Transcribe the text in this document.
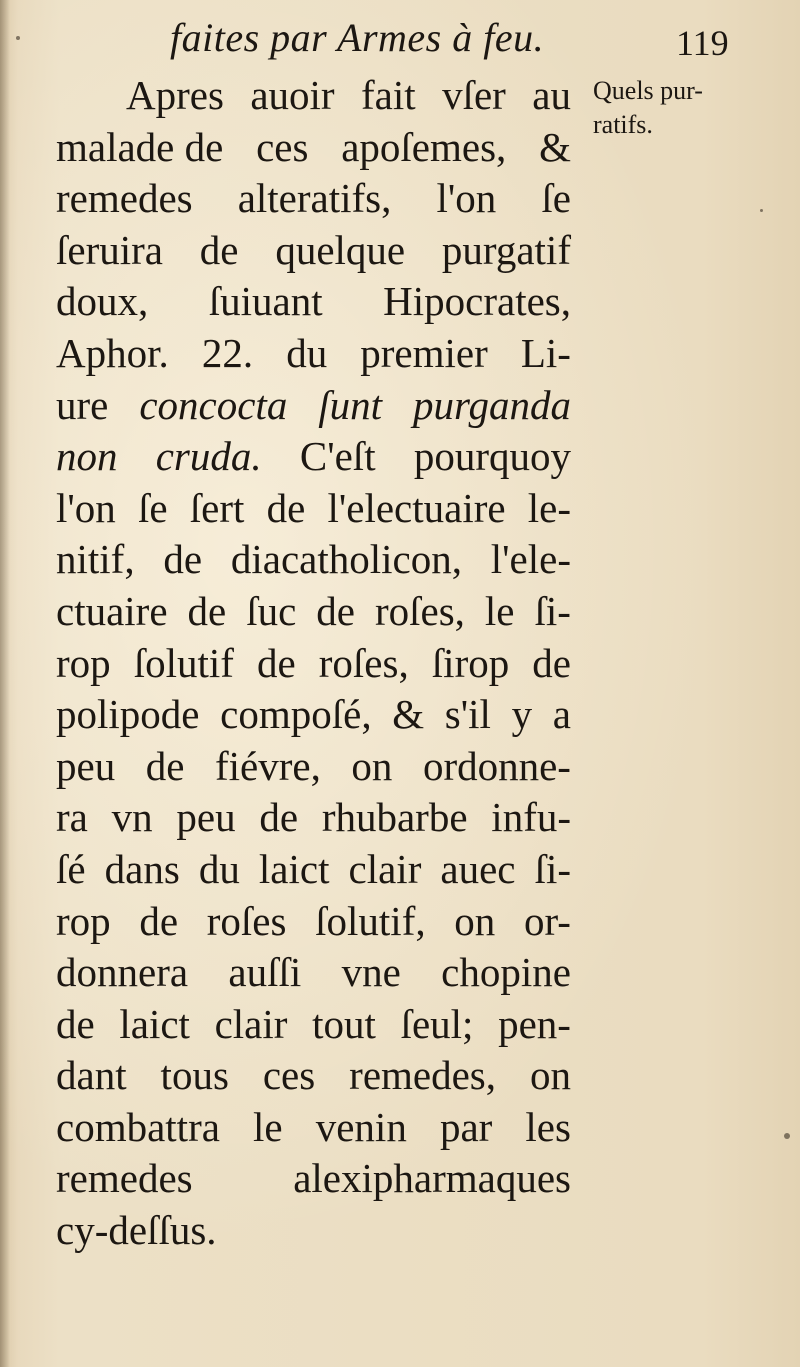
faites par Armes à feu.	119
Quels pur-
ratifs.
Apres auoir fait vſer au
malade de ces apoſemes, &
remedes alteratifs, l'on ſe
ſeruira de quelque purgatif
doux, ſuiuant Hipocrates,
Aphor. 22. du premier Li-
ure concocta ſunt purganda
non cruda. C'eſt pourquoy
l'on ſe ſert de l'electuaire le-
nitif, de diacatholicon, l'ele-
ctuaire de ſuc de roſes, le ſi-
rop ſolutif de roſes, ſirop de
polipode compoſé, & s'il y a
peu de fiévre, on ordonne-
ra vn peu de rhubarbe infu-
ſé dans du laict clair auec ſi-
rop de roſes ſolutif, on or-
donnera auſſi vne chopine
de laict clair tout ſeul; pen-
dant tous ces remedes, on
combattra le venin par les
remedes alexipharmaques
cy-deſſus.
